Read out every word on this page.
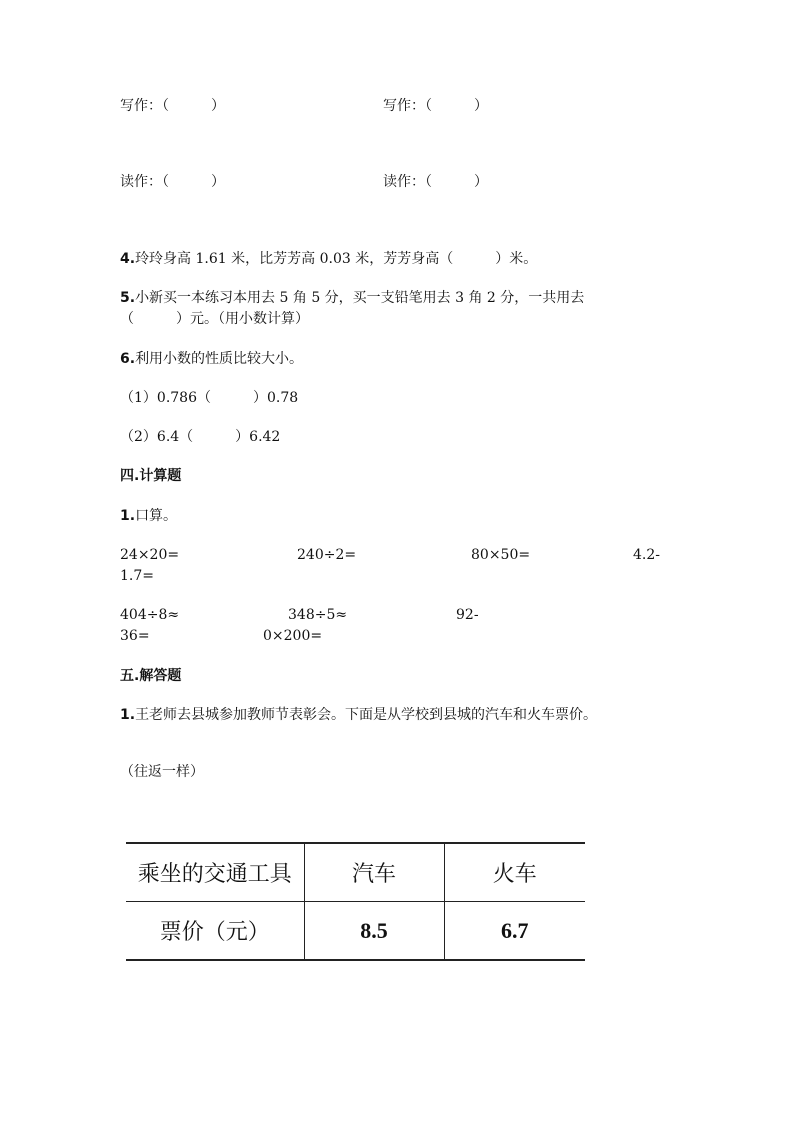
写作：（　　　）	写作：（　　　）
读作：（　　　）	读作：（　　　）
4.玲玲身高 1.61 米，比芳芳高 0.03 米，芳芳身高（　　　）米。
5.小新买一本练习本用去 5 角 5 分，买一支铅笔用去 3 角 2 分，一共用去
（　　　）元。（用小数计算）
6.利用小数的性质比较大小。
（1）0.786（　　　）0.78
（2）6.4（　　　）6.42
四.计算题
1.口算。
24×20=	240÷2=	80×50=	4.2-
1.7=
404÷8≈	348÷5≈	92-
36=	0×200=
五.解答题
1.王老师去县城参加教师节表彰会。下面是从学校到县城的汽车和火车票价。
（往返一样）
乘坐的交通工具	汽车	火车
票价（元）	8.5	6.7
